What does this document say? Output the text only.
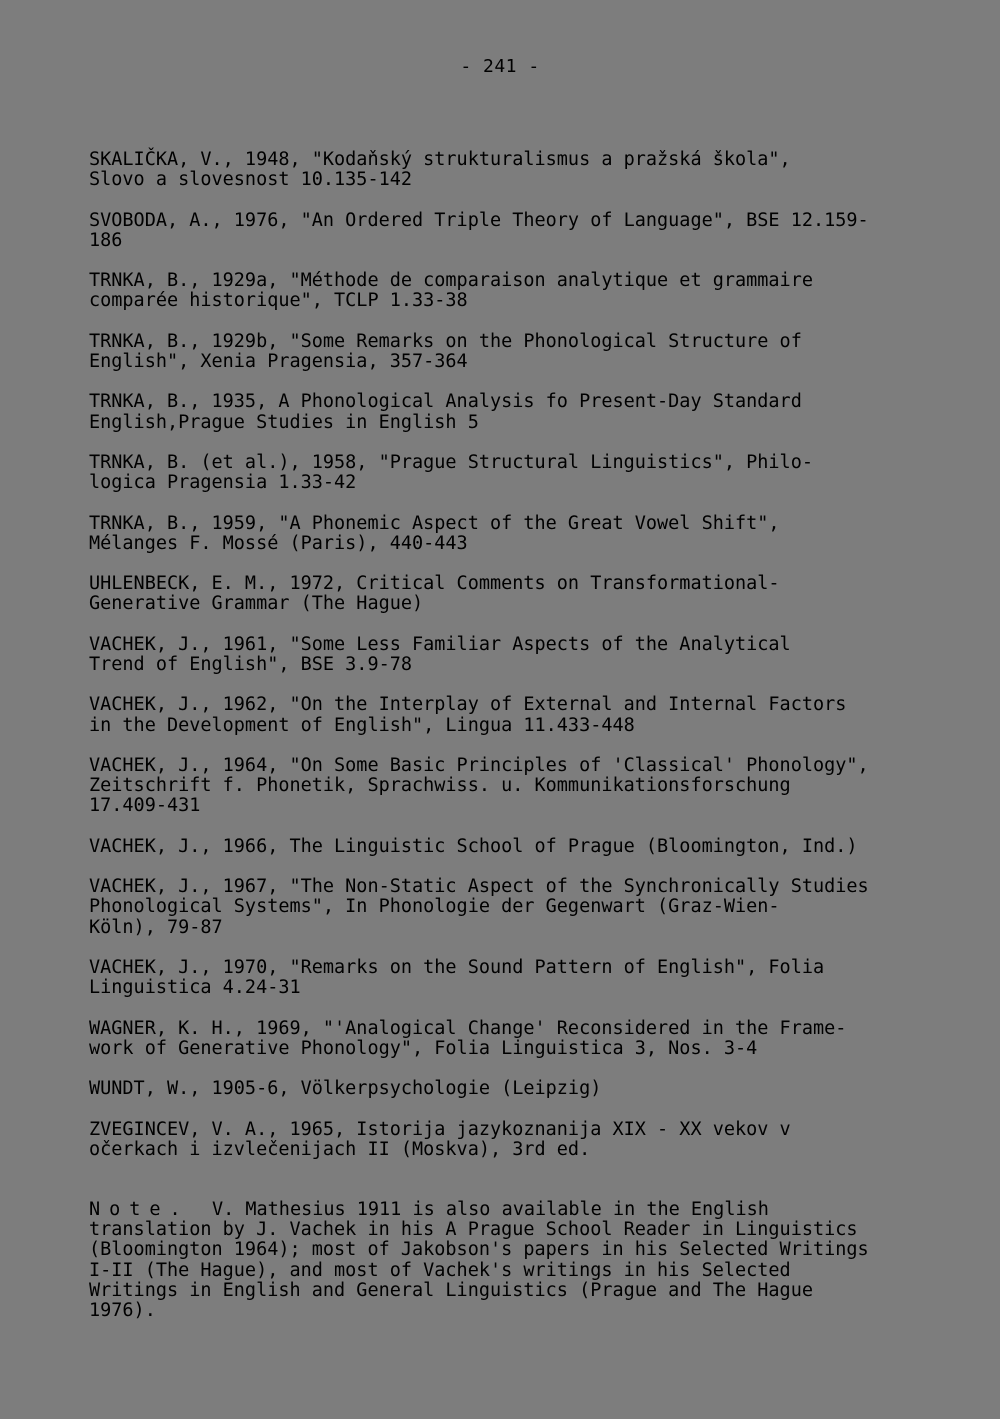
- 241 -
SKALIČKA, V., 1948, "Kodaňský strukturalismus a pražská škola",
Slovo a slovesnost 10.135-142
SVOBODA, A., 1976, "An Ordered Triple Theory of Language", BSE 12.159-
186
TRNKA, B., 1929a, "Méthode de comparaison analytique et grammaire
comparée historique", TCLP 1.33-38
TRNKA, B., 1929b, "Some Remarks on the Phonological Structure of
English", Xenia Pragensia, 357-364
TRNKA, B., 1935, A Phonological Analysis fo Present-Day Standard
English,Prague Studies in English 5
TRNKA, B. (et al.), 1958, "Prague Structural Linguistics", Philo-
logica Pragensia 1.33-42
TRNKA, B., 1959, "A Phonemic Aspect of the Great Vowel Shift",
Mélanges F. Mossé (Paris), 440-443
UHLENBECK, E. M., 1972, Critical Comments on Transformational-
Generative Grammar (The Hague)
VACHEK, J., 1961, "Some Less Familiar Aspects of the Analytical
Trend of English", BSE 3.9-78
VACHEK, J., 1962, "On the Interplay of External and Internal Factors
in the Development of English", Lingua 11.433-448
VACHEK, J., 1964, "On Some Basic Principles of 'Classical' Phonology",
Zeitschrift f. Phonetik, Sprachwiss. u. Kommunikationsforschung
17.409-431
VACHEK, J., 1966, The Linguistic School of Prague (Bloomington, Ind.)
VACHEK, J., 1967, "The Non-Static Aspect of the Synchronically Studies
Phonological Systems", In Phonologie der Gegenwart (Graz-Wien-
Köln), 79-87
VACHEK, J., 1970, "Remarks on the Sound Pattern of English", Folia
Linguistica 4.24-31
WAGNER, K. H., 1969, "'Analogical Change' Reconsidered in the Frame-
work of Generative Phonology", Folia Linguistica 3, Nos. 3-4
WUNDT, W., 1905-6, Völkerpsychologie (Leipzig)
ZVEGINCEV, V. A., 1965, Istorija jazykoznanija XIX - XX vekov v
očerkach i izvlečenijach II (Moskva), 3rd ed.
Note.  V. Mathesius 1911 is also available in the English
translation by J. Vachek in his A Prague School Reader in Linguistics
(Bloomington 1964); most of Jakobson's papers in his Selected Writings
I-II (The Hague), and most of Vachek's writings in his Selected
Writings in English and General Linguistics (Prague and The Hague
1976).
